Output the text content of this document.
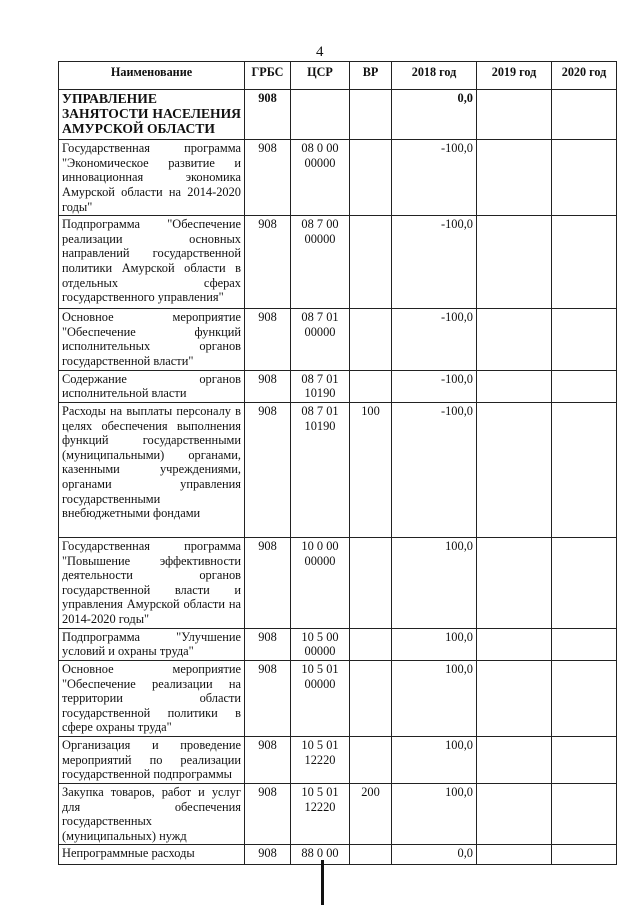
4
Наименование	ГРБС	ЦСР	ВР	2018 год	2019 год	2020 год
УПРАВЛЕНИЕ ЗАНЯТОСТИ НАСЕЛЕНИЯ АМУРСКОЙ ОБЛАСТИ	908			0,0		
Государственная программа "Экономическое развитие и инновационная экономика Амурской области на 2014-2020 годы"	908	08 0 00 00000		-100,0		
Подпрограмма "Обеспечение реализации основных направлений государственной политики Амурской области в отдельных сферах государственного управления"	908	08 7 00 00000		-100,0		
Основное мероприятие "Обеспечение функций исполнительных органов государственной власти"	908	08 7 01 00000		-100,0		
Содержание органов исполнительной власти	908	08 7 01 10190		-100,0		
Расходы на выплаты персоналу в целях обеспечения выполнения функций государственными (муниципальными) органами, казенными учреждениями, органами управления государственными внебюджетными фондами	908	08 7 01 10190	100	-100,0		
Государственная программа "Повышение эффективности деятельности органов государственной власти и управления Амурской области на 2014-2020 годы"	908	10 0 00 00000		100,0		
Подпрограмма "Улучшение условий и охраны труда"	908	10 5 00 00000		100,0		
Основное мероприятие "Обеспечение реализации на территории области государственной политики в сфере охраны труда"	908	10 5 01 00000		100,0		
Организация и проведение мероприятий по реализации государственной подпрограммы	908	10 5 01 12220		100,0		
Закупка товаров, работ и услуг для обеспечения государственных (муниципальных) нужд	908	10 5 01 12220	200	100,0		
Непрограммные расходы	908	88 0 00		0,0		
